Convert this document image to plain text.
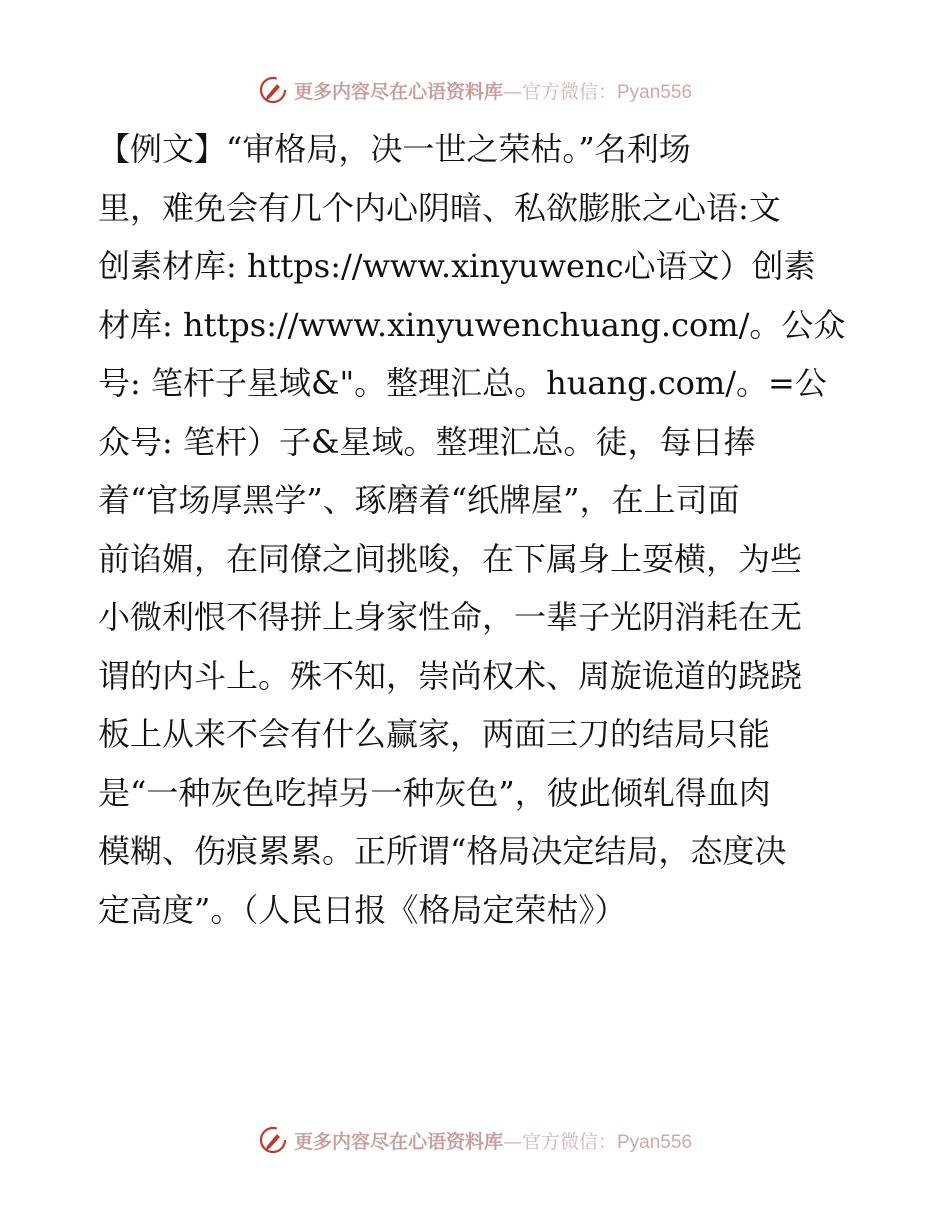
更多内容尽在心语资料库—官方微信：Pyan556
【例文】“审格局，决一世之荣枯。”名利场
里，难免会有几个内心阴暗、私欲膨胀之心语:文
创素材库: https://www.xinyuwenc心语文）创素
材库: https://www.xinyuwenchuang.com/。公众
号: 笔杆子星域&"。整理汇总。huang.com/。=公
众号: 笔杆）子&星域。整理汇总。徒，每日捧
着“官场厚黑学”、琢磨着“纸牌屋”，在上司面
前谄媚，在同僚之间挑唆，在下属身上耍横，为些
小微利恨不得拼上身家性命，一辈子光阴消耗在无
谓的内斗上。殊不知，崇尚权术、周旋诡道的跷跷
板上从来不会有什么赢家，两面三刀的结局只能
是“一种灰色吃掉另一种灰色”，彼此倾轧得血肉
模糊、伤痕累累。正所谓“格局决定结局，态度决
定高度”。（人民日报《格局定荣枯》）
更多内容尽在心语资料库—官方微信：Pyan556
